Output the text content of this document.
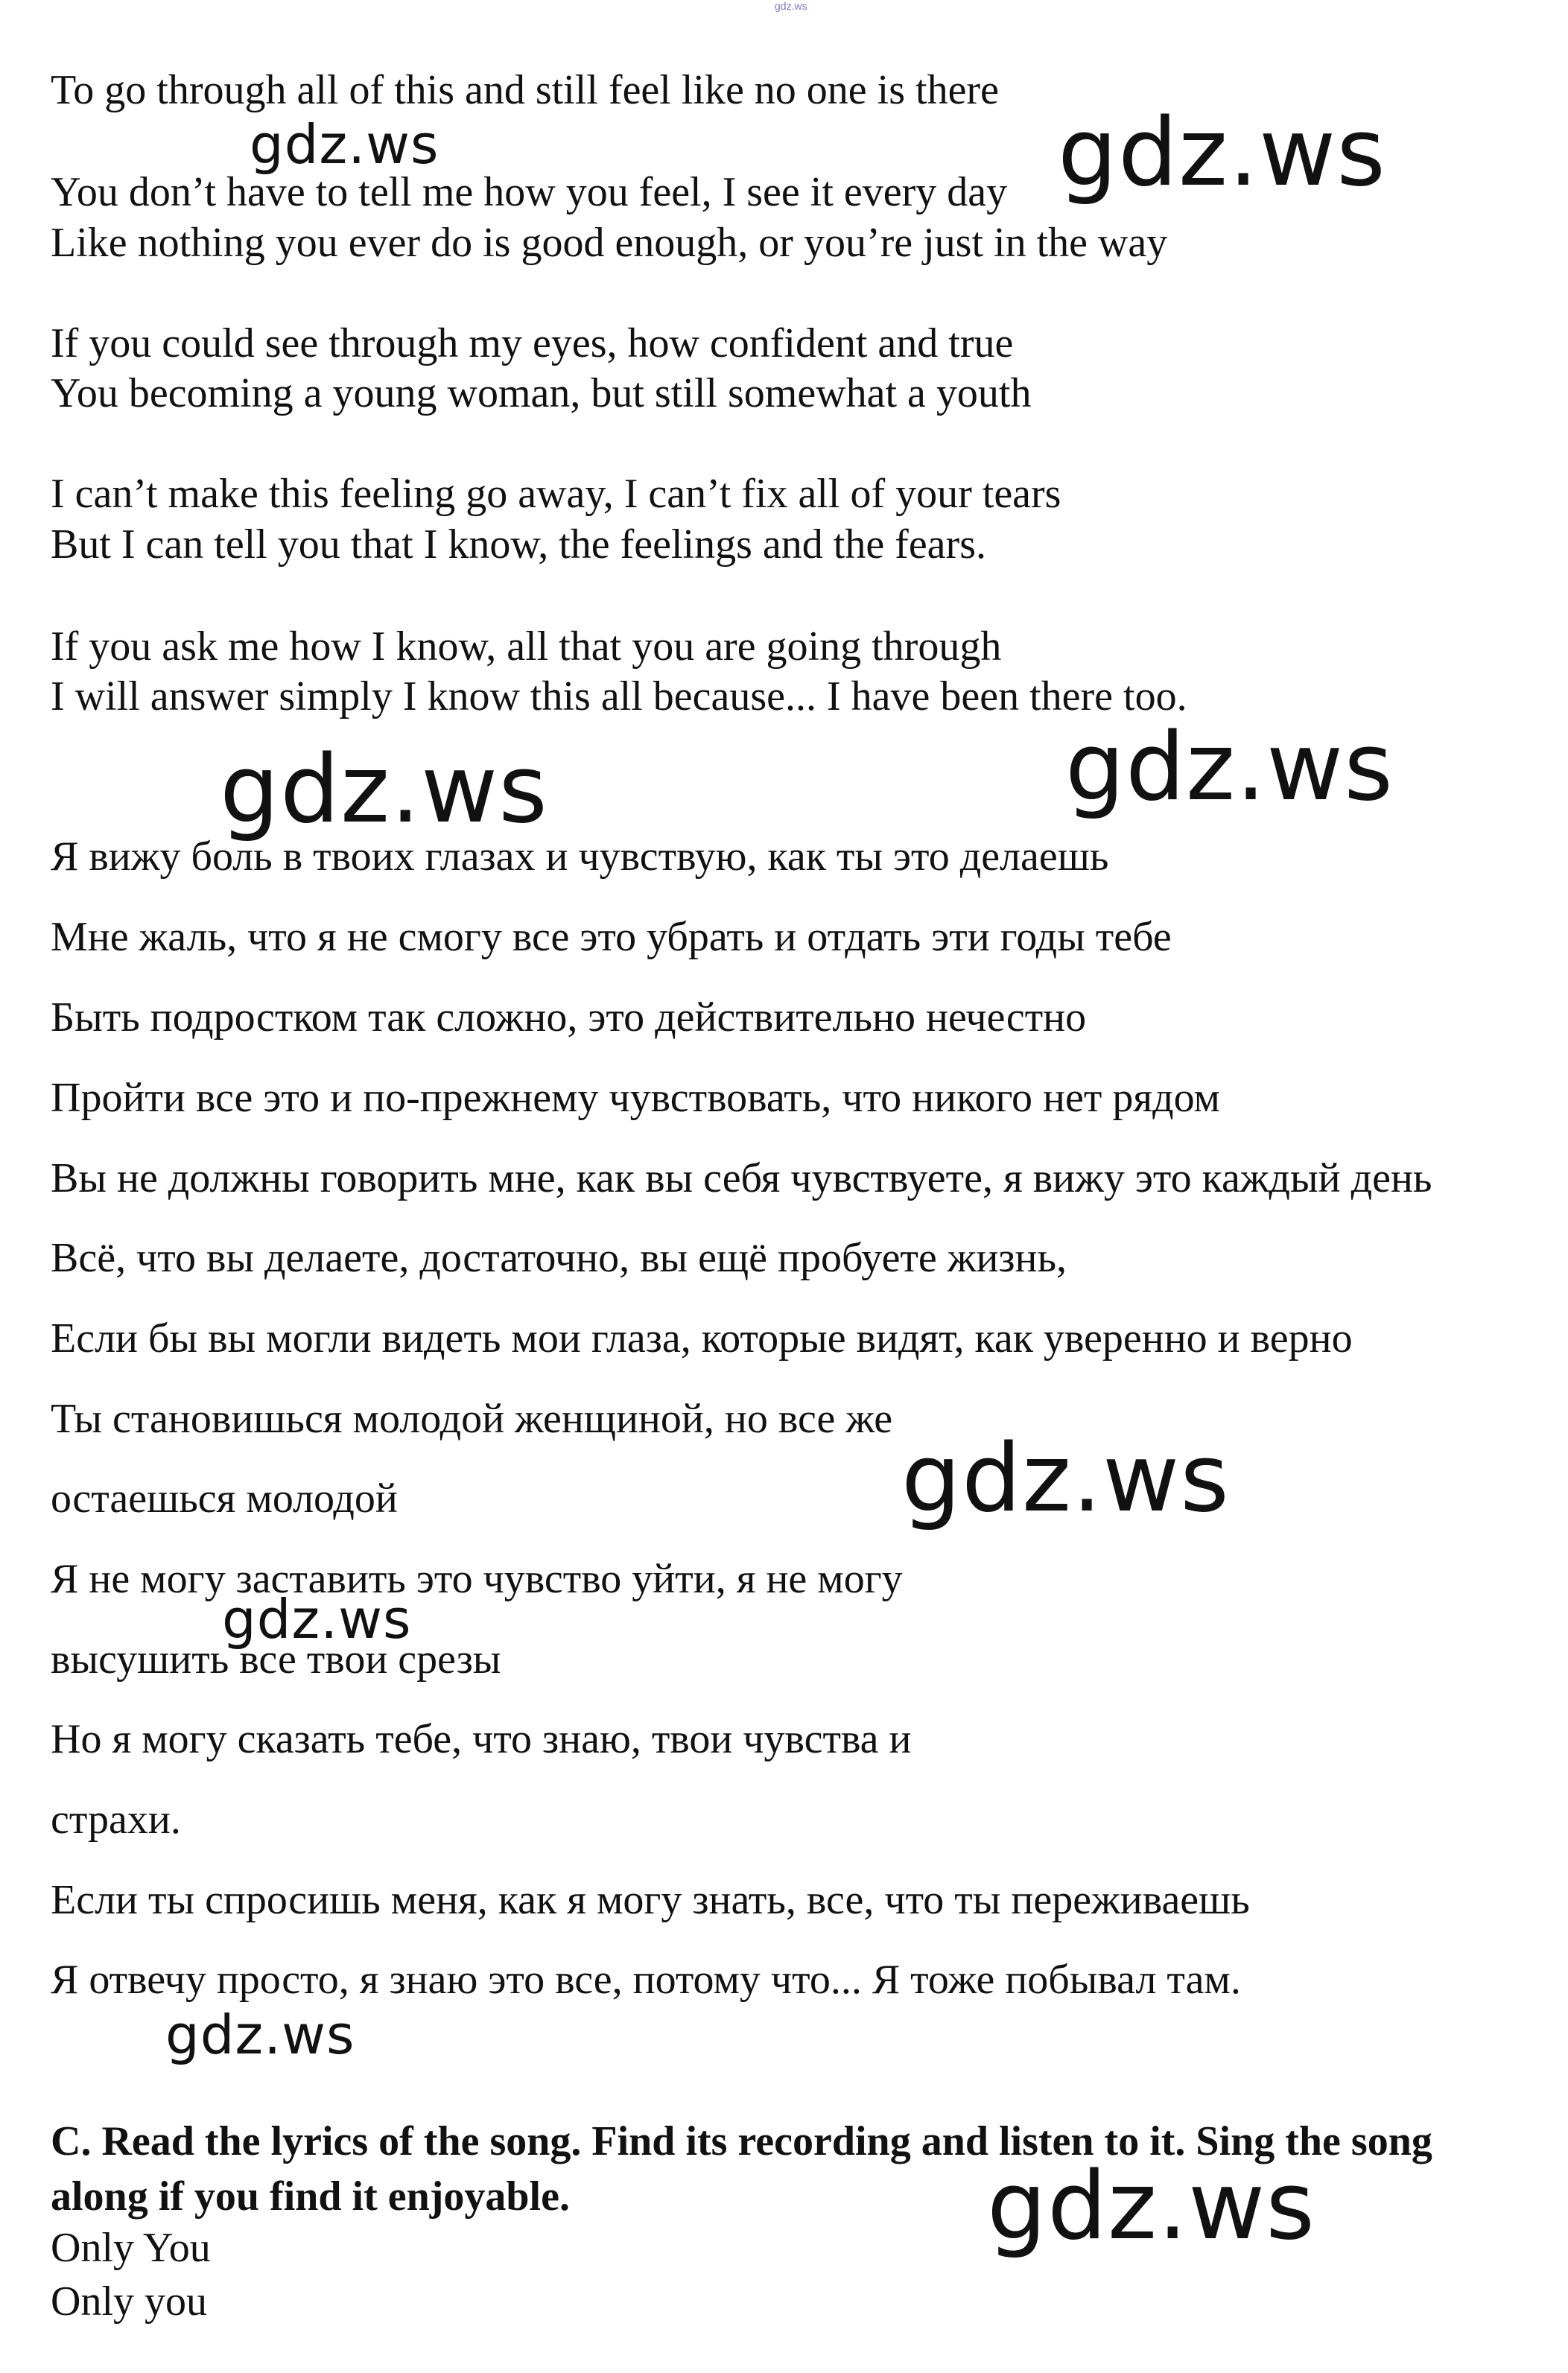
gdz.ws
To go through all of this and still feel like no one is there
You don’t have to tell me how you feel, I see it every day
Like nothing you ever do is good enough, or you’re just in the way
If you could see through my eyes, how confident and true
You becoming a young woman, but still somewhat a youth
I can’t make this feeling go away, I can’t fix all of your tears
But I can tell you that I know, the feelings and the fears.
If you ask me how I know, all that you are going through
I will answer simply I know this all because... I have been there too.
Я вижу боль в твоих глазах и чувствую, как ты это делаешь
Мне жаль, что я не смогу все это убрать и отдать эти годы тебе
Быть подростком так сложно, это действительно нечестно
Пройти все это и по-прежнему чувствовать, что никого нет рядом
Вы не должны говорить мне, как вы себя чувствуете, я вижу это каждый день
Всё, что вы делаете, достаточно, вы ещё пробуете жизнь,
Если бы вы могли видеть мои глаза, которые видят, как уверенно и верно
Ты становишься молодой женщиной, но все же
остаешься молодой
Я не могу заставить это чувство уйти, я не могу
высушить все твои срезы
Но я могу сказать тебе, что знаю, твои чувства и
страхи.
Если ты спросишь меня, как я могу знать, все, что ты переживаешь
Я отвечу просто, я знаю это все, потому что... Я тоже побывал там.
C. Read the lyrics of the song. Find its recording and listen to it. Sing the song along if you find it enjoyable.
Only You
Only you
gdz.ws	gdz.ws
gdz.ws	gdz.ws
gdz.ws
gdz.ws
gdz.ws
gdz.ws
